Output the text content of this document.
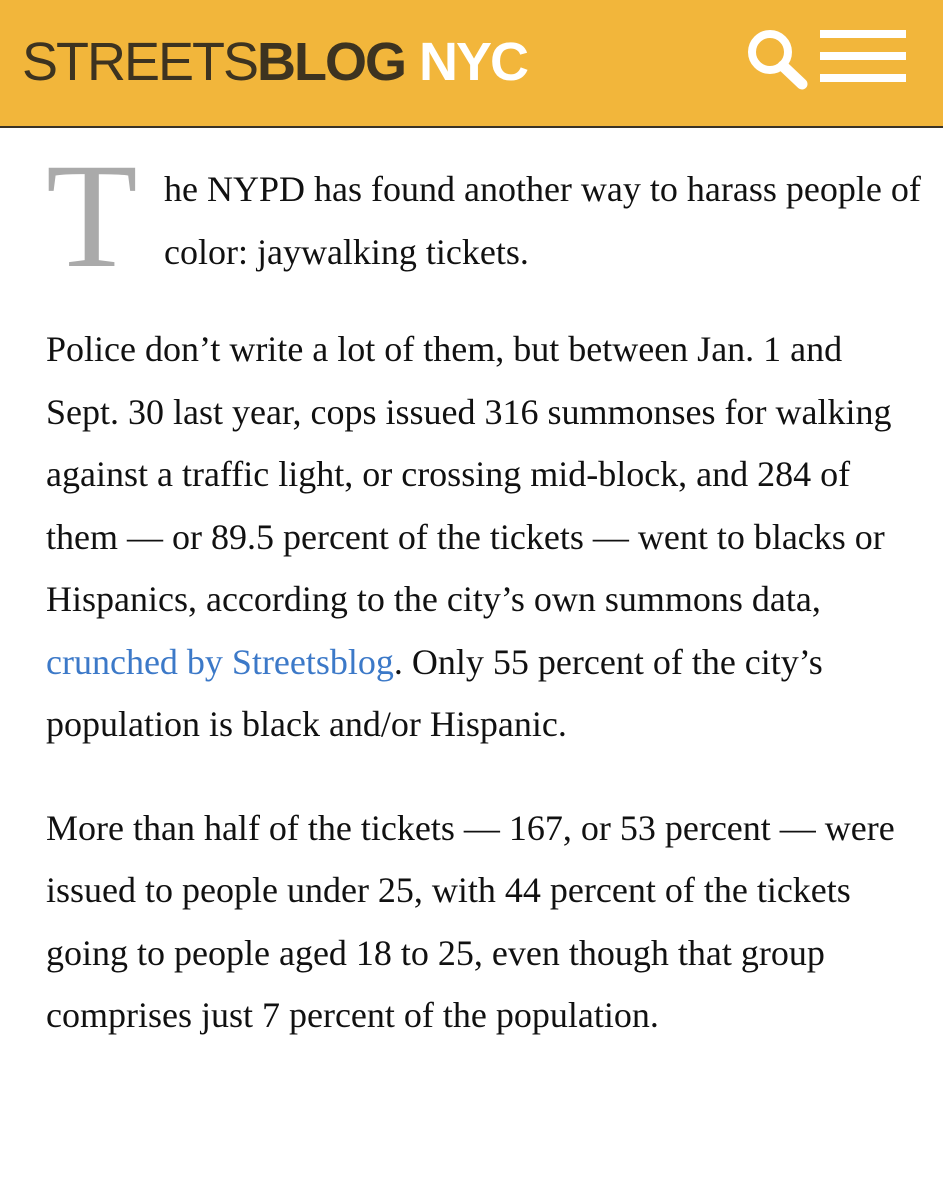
STREETSBLOG NYC
T he NYPD has found another way to harass people of color: jaywalking tickets.

Police don’t write a lot of them, but between Jan. 1 and Sept. 30 last year, cops issued 316 summonses for walking against a traffic light, or crossing mid-block, and 284 of them — or 89.5 percent of the tickets — went to blacks or Hispanics, according to the city’s own summons data, crunched by Streetsblog. Only 55 percent of the city’s population is black and/or Hispanic.

More than half of the tickets — 167, or 53 percent — were issued to people under 25, with 44 percent of the tickets going to people aged 18 to 25, even though that group comprises just 7 percent of the population.
